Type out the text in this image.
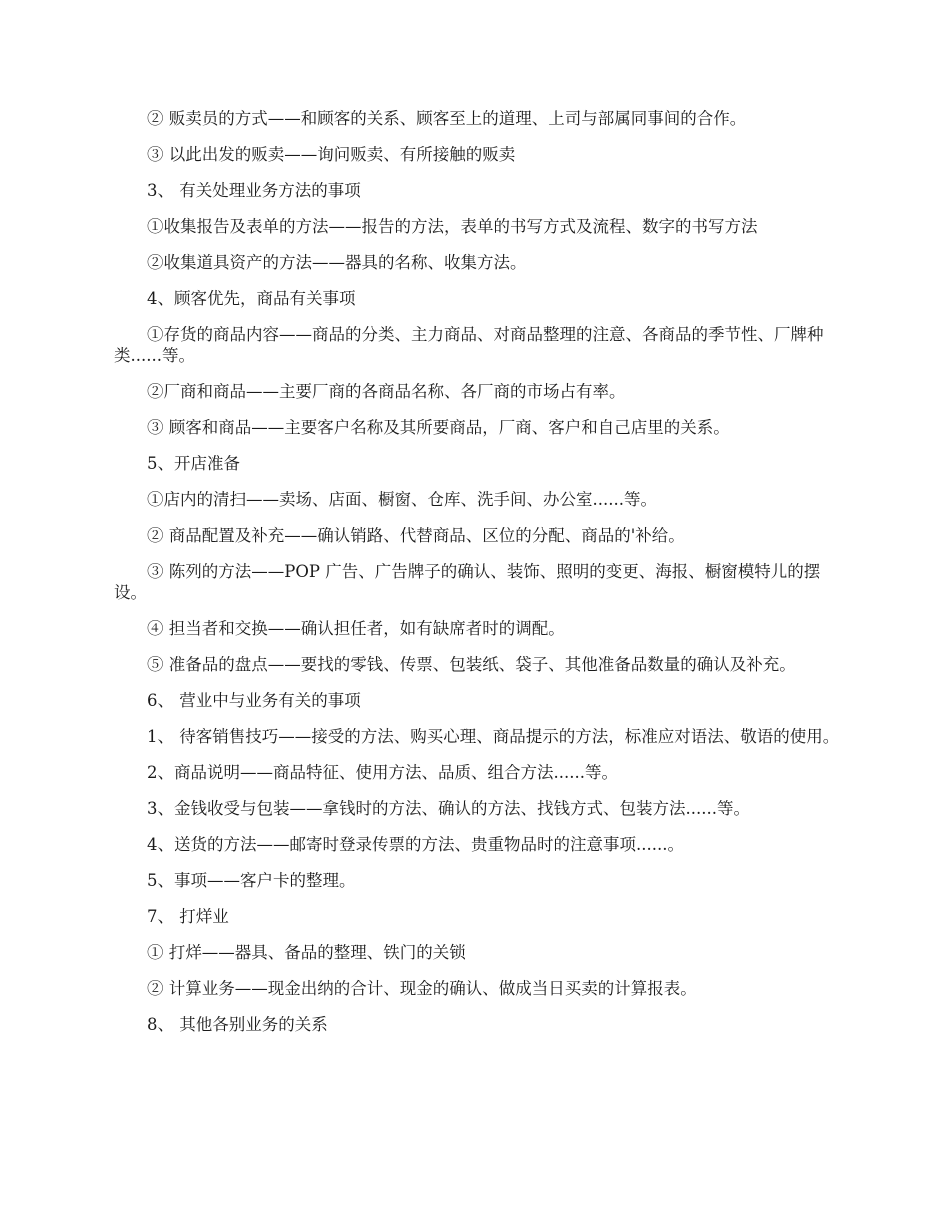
② 贩卖员的方式——和顾客的关系、顾客至上的道理、上司与部属同事间的合作。

③ 以此出发的贩卖——询问贩卖、有所接触的贩卖

3、 有关处理业务方法的事项

①收集报告及表单的方法——报告的方法，表单的书写方式及流程、数字的书写方法

②收集道具资产的方法——器具的名称、收集方法。

4、顾客优先，商品有关事项

①存货的商品内容——商品的分类、主力商品、对商品整理的注意、各商品的季节性、厂牌种类......等。

②厂商和商品——主要厂商的各商品名称、各厂商的市场占有率。

③ 顾客和商品——主要客户名称及其所要商品，厂商、客户和自己店里的关系。

5、开店准备

①店内的清扫——卖场、店面、橱窗、仓库、洗手间、办公室......等。

② 商品配置及补充——确认销路、代替商品、区位的分配、商品的'补给。

③ 陈列的方法——POP 广告、广告牌子的确认、装饰、照明的变更、海报、橱窗模特儿的摆设。

④ 担当者和交换——确认担任者，如有缺席者时的调配。

⑤ 准备品的盘点——要找的零钱、传票、包装纸、袋子、其他准备品数量的确认及补充。

6、 营业中与业务有关的事项

1、 待客销售技巧——接受的方法、购买心理、商品提示的方法，标准应对语法、敬语的使用。

2、商品说明——商品特征、使用方法、品质、组合方法......等。

3、金钱收受与包装——拿钱时的方法、确认的方法、找钱方式、包装方法......等。

4、送货的方法——邮寄时登录传票的方法、贵重物品时的注意事项......。

5、事项——客户卡的整理。

7、 打烊业

① 打烊——器具、备品的整理、铁门的关锁

② 计算业务——现金出纳的合计、现金的确认、做成当日买卖的计算报表。

8、 其他各别业务的关系
